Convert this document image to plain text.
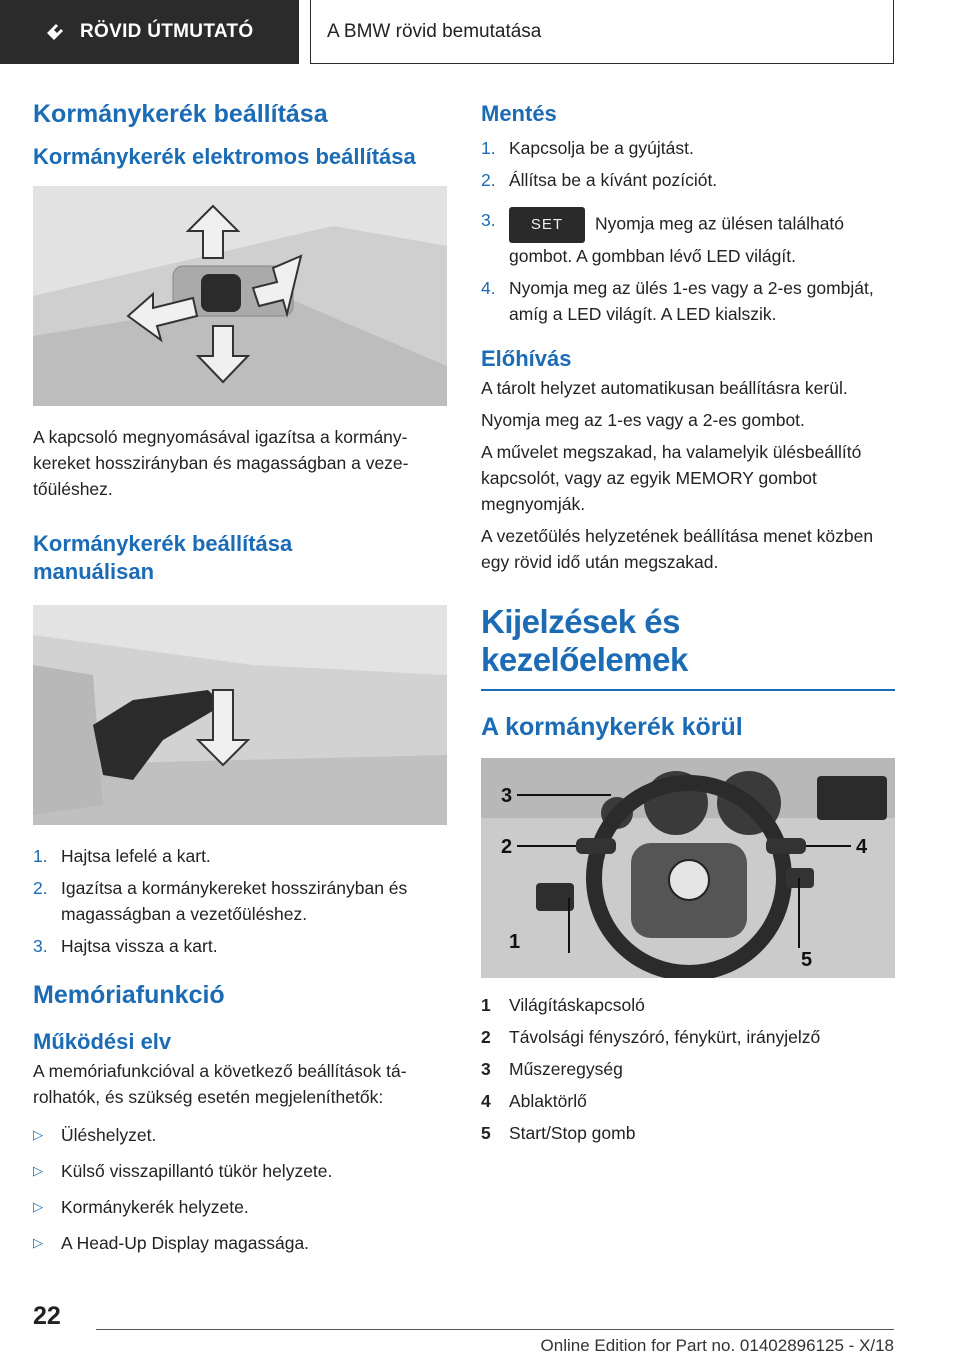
RÖVID ÚTMUTATÓ	A BMW rövid bemutatása
Kormánykerék beállítása
Kormánykerék elektromos beállítása

A kapcsoló megnyomásával igazítsa a kormánykereket hosszirányban és magasságban a vezetőüléshez.

Kormánykerék beállítása manuálisan
1. Hajtsa lefelé a kart.
2. Igazítsa a kormánykereket hosszirányban és magasságban a vezetőüléshez.
3. Hajtsa vissza a kart.
Memóriafunkció
Működési elv

A memóriafunkcióval a következő beállítások tárolhatók, és szükség esetén megjeleníthetők:

▷	Üléshelyzet.
▷	Külső visszapillantó tükör helyzete.
▷	Kormánykerék helyzete.
▷	A Head-Up Display magassága.
Mentés
1. Kapcsolja be a gyújtást.
2. Állítsa be a kívánt pozíciót.
3.	SET Nyomja meg az ülésen található gombot. A gombban lévő LED világít.
4. Nyomja meg az ülés 1-es vagy a 2-es gombját, amíg a LED világít. A LED kialszik.
Előhívás

A tárolt helyzet automatikusan beállításra kerül.

Nyomja meg az 1-es vagy a 2-es gombot.

A művelet megszakad, ha valamelyik ülésbeállító kapcsolót, vagy az egyik MEMORY gombot megnyomják.

A vezetőülés helyzetének beállítása menet közben egy rövid idő után megszakad.

Kijelzések és kezelőelemek
A kormánykerék körül
1
2
3
4
5
1	Világításkapcsoló
2	Távolsági fényszóró, fénykürt, irányjelző
3	Műszeregység
4	Ablaktörlő
5	Start/Stop gomb
22
Online Edition for Part no. 01402896125 - X/18
